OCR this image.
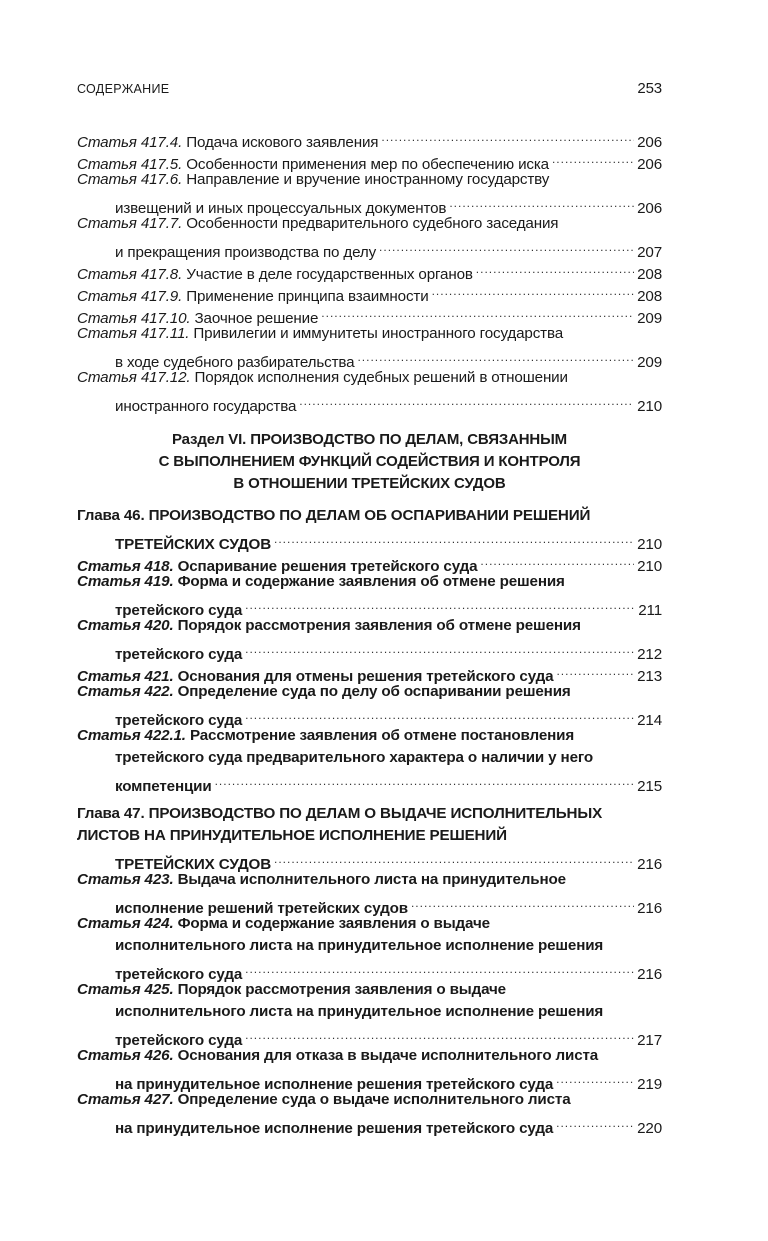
СОДЕРЖАНИЕ	253
Статья 417.4. Подача искового заявления .....	206
Статья 417.5. Особенности применения мер по обеспечению иска .....	206
Статья 417.6. Направление и вручение иностранному государству
извещений и иных процессуальных документов .....	206
Статья 417.7. Особенности предварительного судебного заседания
и прекращения производства по делу .....	207
Статья 417.8. Участие в деле государственных органов .....	208
Статья 417.9. Применение принципа взаимности .....	208
Статья 417.10. Заочное решение .....	209
Статья 417.11. Привилегии и иммунитеты иностранного государства
в ходе судебного разбирательства .....	209
Статья 417.12. Порядок исполнения судебных решений в отношении
иностранного государства .....	210
Раздел VI. ПРОИЗВОДСТВО ПО ДЕЛАМ, СВЯЗАННЫМ
С ВЫПОЛНЕНИЕМ ФУНКЦИЙ СОДЕЙСТВИЯ И КОНТРОЛЯ
В ОТНОШЕНИИ ТРЕТЕЙСКИХ СУДОВ
Глава 46. ПРОИЗВОДСТВО ПО ДЕЛАМ ОБ ОСПАРИВАНИИ РЕШЕНИЙ
ТРЕТЕЙСКИХ СУДОВ .....	210
Статья 418. Оспаривание решения третейского суда .....	210
Статья 419. Форма и содержание заявления об отмене решения
третейского суда .....	211
Статья 420. Порядок рассмотрения заявления об отмене решения
третейского суда .....	212
Статья 421. Основания для отмены решения третейского суда .....	213
Статья 422. Определение суда по делу об оспаривании решения
третейского суда .....	214
Статья 422.1. Рассмотрение заявления об отмене постановления
третейского суда предварительного характера о наличии у него
компетенции .....	215
Глава 47. ПРОИЗВОДСТВО ПО ДЕЛАМ О ВЫДАЧЕ ИСПОЛНИТЕЛЬНЫХ
ЛИСТОВ НА ПРИНУДИТЕЛЬНОЕ ИСПОЛНЕНИЕ РЕШЕНИЙ
ТРЕТЕЙСКИХ СУДОВ .....	216
Статья 423. Выдача исполнительного листа на принудительное
исполнение решений третейских судов .....	216
Статья 424. Форма и содержание заявления о выдаче
исполнительного листа на принудительное исполнение решения
третейского суда .....	216
Статья 425. Порядок рассмотрения заявления о выдаче
исполнительного листа на принудительное исполнение решения
третейского суда .....	217
Статья 426. Основания для отказа в выдаче исполнительного листа
на принудительное исполнение решения третейского суда .....	219
Статья 427. Определение суда о выдаче исполнительного листа
на принудительное исполнение решения третейского суда .....	220
